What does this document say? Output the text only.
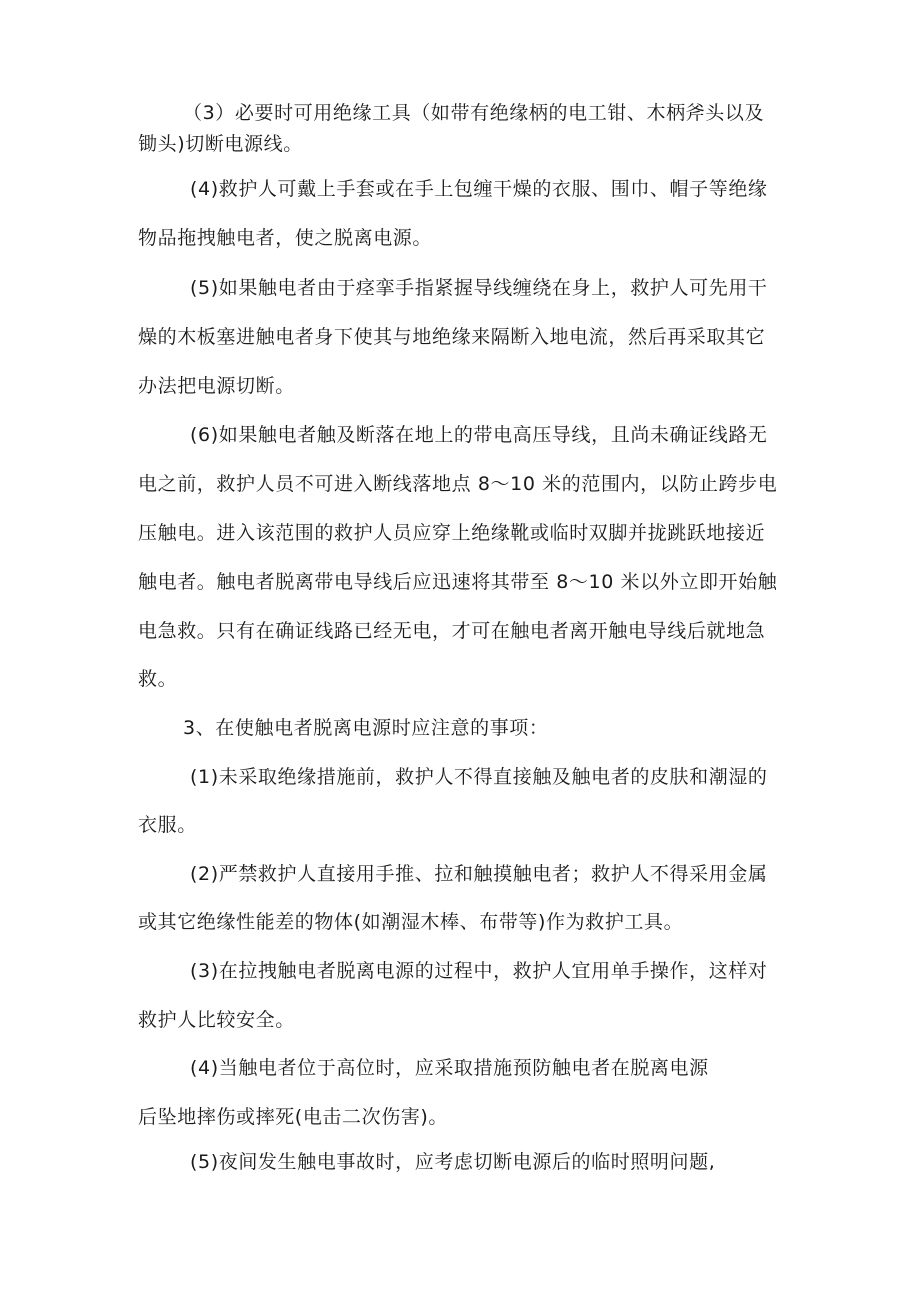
（3）必要时可用绝缘工具（如带有绝缘柄的电工钳、木柄斧头以及
锄头)切断电源线。
(4)救护人可戴上手套或在手上包缠干燥的衣服、围巾、帽子等绝缘
物品拖拽触电者，使之脱离电源。
(5)如果触电者由于痉挛手指紧握导线缠绕在身上，救护人可先用干
燥的木板塞进触电者身下使其与地绝缘来隔断入地电流，然后再采取其它
办法把电源切断。
(6)如果触电者触及断落在地上的带电高压导线，且尚未确证线路无
电之前，救护人员不可进入断线落地点 8～10 米的范围内，以防止跨步电
压触电。进入该范围的救护人员应穿上绝缘靴或临时双脚并拢跳跃地接近
触电者。触电者脱离带电导线后应迅速将其带至 8～10 米以外立即开始触
电急救。只有在确证线路已经无电，才可在触电者离开触电导线后就地急
救。
3、在使触电者脱离电源时应注意的事项：
(1)未采取绝缘措施前，救护人不得直接触及触电者的皮肤和潮湿的
衣服。
(2)严禁救护人直接用手推、拉和触摸触电者；救护人不得采用金属
或其它绝缘性能差的物体(如潮湿木棒、布带等)作为救护工具。
(3)在拉拽触电者脱离电源的过程中，救护人宜用单手操作，这样对
救护人比较安全。
(4)当触电者位于高位时，应采取措施预防触电者在脱离电源
后坠地摔伤或摔死(电击二次伤害)。
(5)夜间发生触电事故时，应考虑切断电源后的临时照明问题,
